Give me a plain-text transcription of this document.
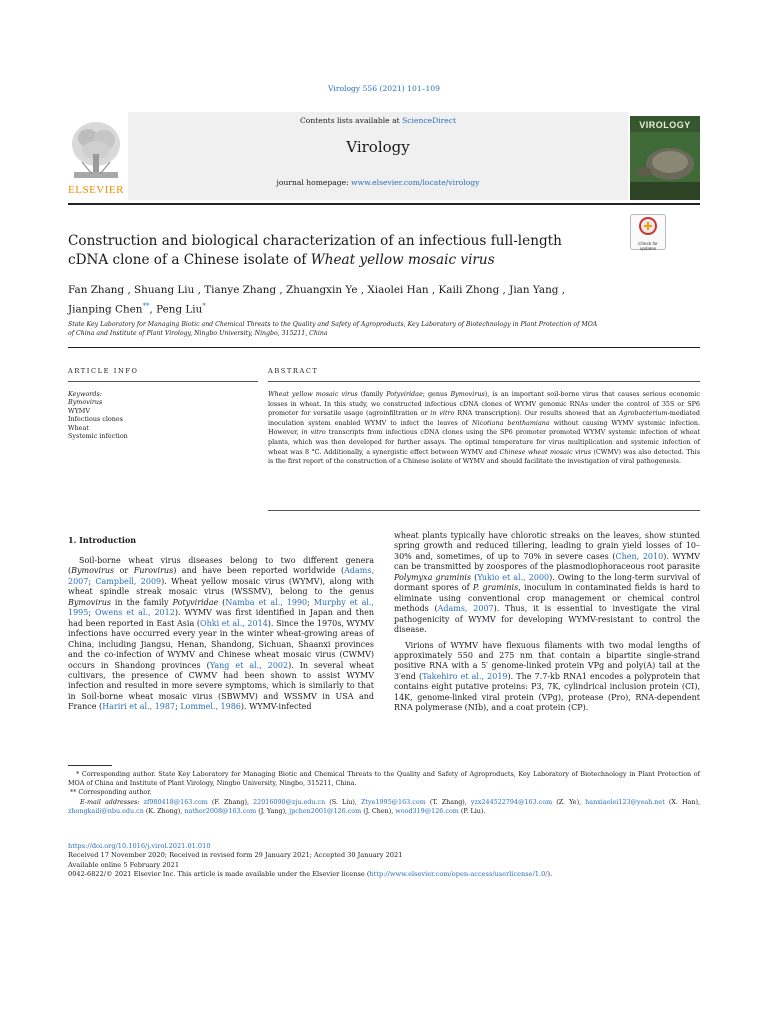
Virology 556 (2021) 101–109
ELSEVIER
Contents lists available at ScienceDirect
Virology
journal homepage: www.elsevier.com/locate/virology
VIROLOGY
Construction and biological characterization of an infectious full-length
cDNA clone of a Chinese isolate of Wheat yellow mosaic virus
Check for updates
Fan Zhang , Shuang Liu , Tianye Zhang , Zhuangxin Ye , Xiaolei Han , Kaili Zhong , Jian Yang ,
Jianping Chen**, Peng Liu*
State Key Laboratory for Managing Biotic and Chemical Threats to the Quality and Safety of Agroproducts, Key Laboratory of Biotechnology in Plant Protection of MOA
of China and Institute of Plant Virology, Ningbo University, Ningbo, 315211, China
ARTICLE INFO	ABSTRACT
Keywords:
Bymovirus
WYMV
Infectious clones
Wheat
Systemic infection
Wheat yellow mosaic virus (family Potyviridae; genus Bymovirus), is an important soil-borne virus that causes serious economic losses in wheat. In this study, we constructed infectious cDNA clones of WYMV genomic RNAs under the control of 35S or SP6 promoter for versatile usage (agroinfiltration or in vitro RNA transcription). Our results showed that an Agrobacterium-mediated inoculation system enabled WYMV to infect the leaves of Nicotiana benthamiana without causing WYMV systemic infection. However, in vitro transcripts from infectious cDNA clones using the SP6 promoter promoted WYMV systemic infection of wheat plants, which was then developed for further assays. The optimal temperature for virus multiplication and systemic infection of wheat was 8 °C. Additionally, a synergistic effect between WYMV and Chinese wheat mosaic virus (CWMV) was also detected. This is the first report of the construction of a Chinese isolate of WYMV and should facilitate the investigation of viral pathogenesis.
1. Introduction

Soil-borne wheat virus diseases belong to two different genera (Bymovirus or Furovirus) and have been reported worldwide (Adams, 2007; Campbell, 2009). Wheat yellow mosaic virus (WYMV), along with wheat spindle streak mosaic virus (WSSMV), belong to the genus Bymovirus in the family Potyviridae (Namba et al., 1990; Murphy et al., 1995; Owens et al., 2012). WYMV was first identified in Japan and then had been reported in East Asia (Ohki et al., 2014). Since the 1970s, WYMV infections have occurred every year in the winter wheat-growing areas of China, including Jiangsu, Henan, Shandong, Sichuan, Shaanxi provinces and the co-infection of WYMV and Chinese wheat mosaic virus (CWMV) occurs in Shandong provinces (Yang et al., 2002). In several wheat cultivars, the presence of CWMV had been shown to assist WYMV infection and resulted in more severe symptoms, which is similarly to that in Soil-borne wheat mosaic virus (SBWMV) and WSSMV in USA and France (Hariri et al., 1987; Lommel., 1986). WYMV-infected

wheat plants typically have chlorotic streaks on the leaves, show stunted spring growth and reduced tillering, leading to grain yield losses of 10–30% and, sometimes, of up to 70% in severe cases (Chen, 2010). WYMV can be transmitted by zoospores of the plasmodiophoraceous root parasite Polymyxa graminis (Yukio et al., 2000). Owing to the long-term survival of dormant spores of P. graminis, inoculum in contaminated fields is hard to eliminate using conventional crop management or chemical control methods (Adams, 2007). Thus, it is essential to investigate the viral pathogenicity of WYMV for developing WYMV-resistant to control the disease.

Virions of WYMV have flexuous filaments with two modal lengths of approximately 550 and 275 nm that contain a bipartite single-strand positive RNA with a 5′ genome-linked protein VPg and poly(A) tail at the 3′end (Takehiro et al., 2019). The 7.7-kb RNA1 encodes a polyprotein that contains eight putative proteins: P3, 7K, cylindrical inclusion protein (CI), 14K, genome-linked viral protein (VPg), protease (Pro), RNA-dependent RNA polymerase (NIb), and a coat protein (CP).

* Corresponding author. State Key Laboratory for Managing Biotic and Chemical Threats to the Quality and Safety of Agroproducts, Key Laboratory of Biotechnology in Plant Protection of MOA of China and Institute of Plant Virology, Ningbo University, Ningbo, 315211, China.

** Corresponding author.

E-mail addresses: zf980418@163.com (F. Zhang), 22016090@zju.edu.cn (S. Liu), Ztye1995@163.com (T. Zhang), yzx244522794@163.com (Z. Ye), hanxiaolei123@yeah.net (X. Han), zhongkaili@nbu.edu.cn (K. Zhong), nather2008@163.com (J. Yang), jpchen2001@126.com (J. Chen), wood319@126.com (P. Liu).

https://doi.org/10.1016/j.virol.2021.01.010
Received 17 November 2020; Received in revised form 29 January 2021; Accepted 30 January 2021
Available online 5 February 2021
0042-6822/© 2021 Elsevier Inc. This article is made available under the Elsevier license (http://www.elsevier.com/open-access/userlicense/1.0/).
